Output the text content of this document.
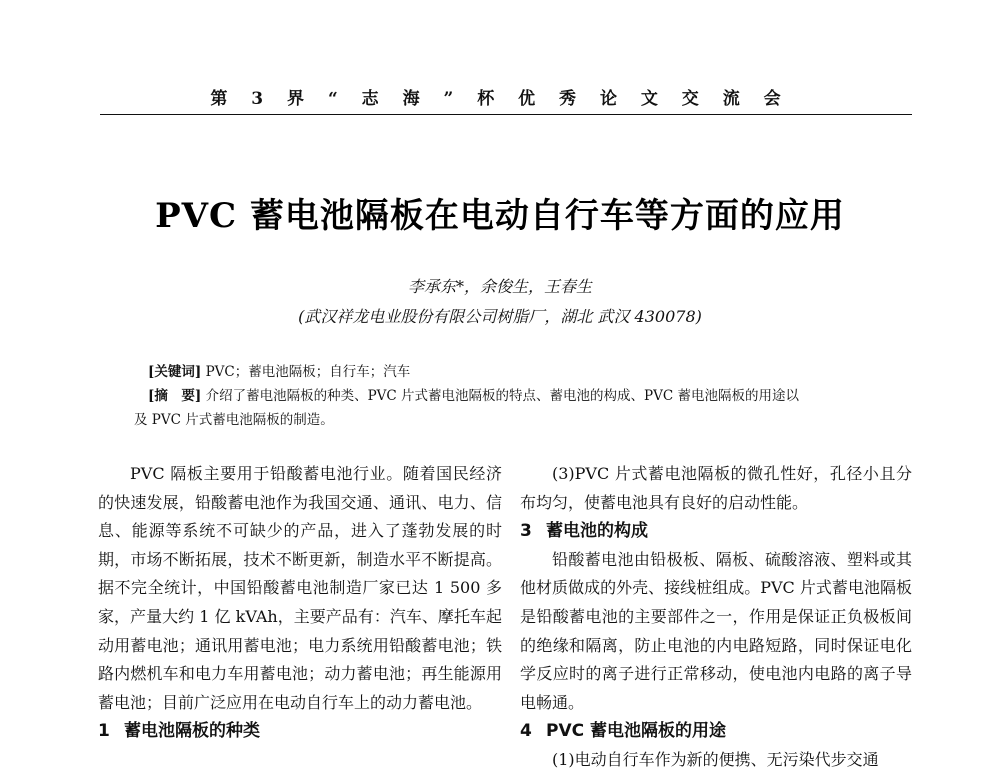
第 3 界 “ 志 海 ” 杯 优 秀 论 文 交 流 会
PVC 蓄电池隔板在电动自行车等方面的应用
李承东*，余俊生，王春生
(武汉祥龙电业股份有限公司树脂厂，湖北 武汉 430078)
[关键词] PVC；蓄电池隔板；自行车；汽车
[摘　要] 介绍了蓄电池隔板的种类、PVC 片式蓄电池隔板的特点、蓄电池的构成、PVC 蓄电池隔板的用途以
及 PVC 片式蓄电池隔板的制造。

PVC 隔板主要用于铅酸蓄电池行业。随着国民经济的快速发展，铅酸蓄电池作为我国交通、通讯、电力、信息、能源等系统不可缺少的产品，进入了蓬勃发展的时期，市场不断拓展，技术不断更新，制造水平不断提高。据不完全统计，中国铅酸蓄电池制造厂家已达 1 500 多家，产量大约 1 亿 kVAh，主要产品有：汽车、摩托车起动用蓄电池；通讯用蓄电池；电力系统用铅酸蓄电池；铁路内燃机车和电力车用蓄电池；动力蓄电池；再生能源用蓄电池；目前广泛应用在电动自行车上的动力蓄电池。

1 蓄电池隔板的种类

(3)PVC 片式蓄电池隔板的微孔性好，孔径小且分布均匀，使蓄电池具有良好的启动性能。

3 蓄电池的构成

铅酸蓄电池由铅极板、隔板、硫酸溶液、塑料或其他材质做成的外壳、接线桩组成。PVC 片式蓄电池隔板是铅酸蓄电池的主要部件之一，作用是保证正负极板间的绝缘和隔离，防止电池的内电路短路，同时保证电化学反应时的离子进行正常移动，使电池内电路的离子导电畅通。

4 PVC 蓄电池隔板的用途

(1)电动自行车作为新的便携、无污染代步交通
